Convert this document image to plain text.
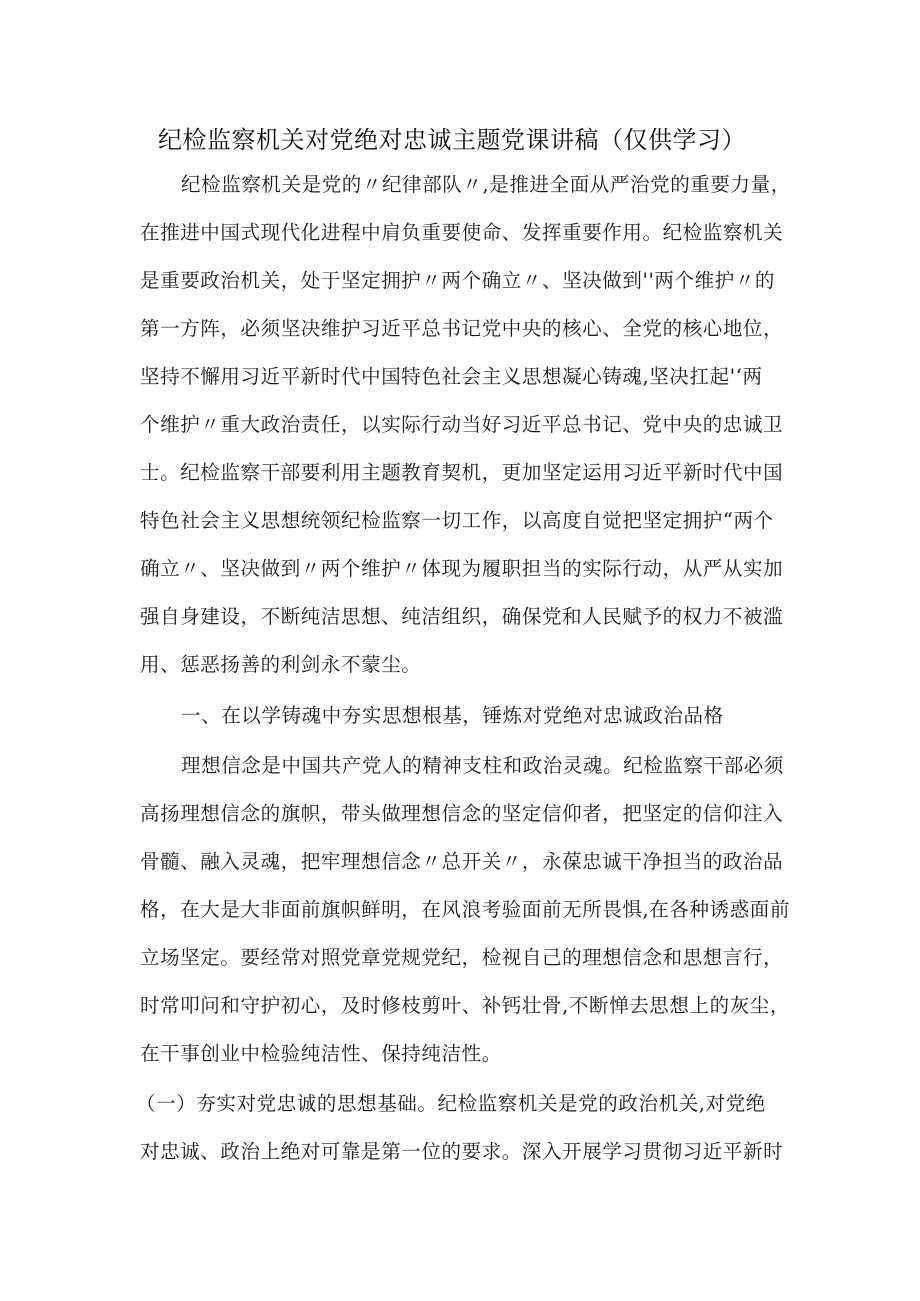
纪检监察机关对党绝对忠诚主题党课讲稿（仅供学习）
纪检监察机关是党的〃纪律部队〃,是推进全面从严治党的重要力量，
在推进中国式现代化进程中肩负重要使命、发挥重要作用。纪检监察机关
是重要政治机关，处于坚定拥护〃两个确立〃、坚决做到''两个维护〃的
第一方阵，必须坚决维护习近平总书记党中央的核心、全党的核心地位，
坚持不懈用习近平新时代中国特色社会主义思想凝心铸魂,坚决扛起'‘两
个维护〃重大政治责任，以实际行动当好习近平总书记、党中央的忠诚卫
士。纪检监察干部要利用主题教育契机，更加坚定运用习近平新时代中国
特色社会主义思想统领纪检监察一切工作，以高度自觉把坚定拥护“两个
确立〃、坚决做到〃两个维护〃体现为履职担当的实际行动，从严从实加
强自身建设，不断纯洁思想、纯洁组织，确保党和人民赋予的权力不被滥
用、惩恶扬善的利剑永不蒙尘。
一、在以学铸魂中夯实思想根基，锤炼对党绝对忠诚政治品格
理想信念是中国共产党人的精神支柱和政治灵魂。纪检监察干部必须
高扬理想信念的旗帜，带头做理想信念的坚定信仰者，把坚定的信仰注入
骨髓、融入灵魂，把牢理想信念〃总开关〃，永葆忠诚干净担当的政治品
格，在大是大非面前旗帜鲜明，在风浪考验面前无所畏惧,在各种诱惑面前
立场坚定。要经常对照党章党规党纪，检视自己的理想信念和思想言行，
时常叩问和守护初心，及时修枝剪叶、补钙壮骨,不断惮去思想上的灰尘，
在干事创业中检验纯洁性、保持纯洁性。
（一）夯实对党忠诚的思想基础。纪检监察机关是党的政治机关,对党绝
对忠诚、政治上绝对可靠是第一位的要求。深入开展学习贯彻习近平新时
